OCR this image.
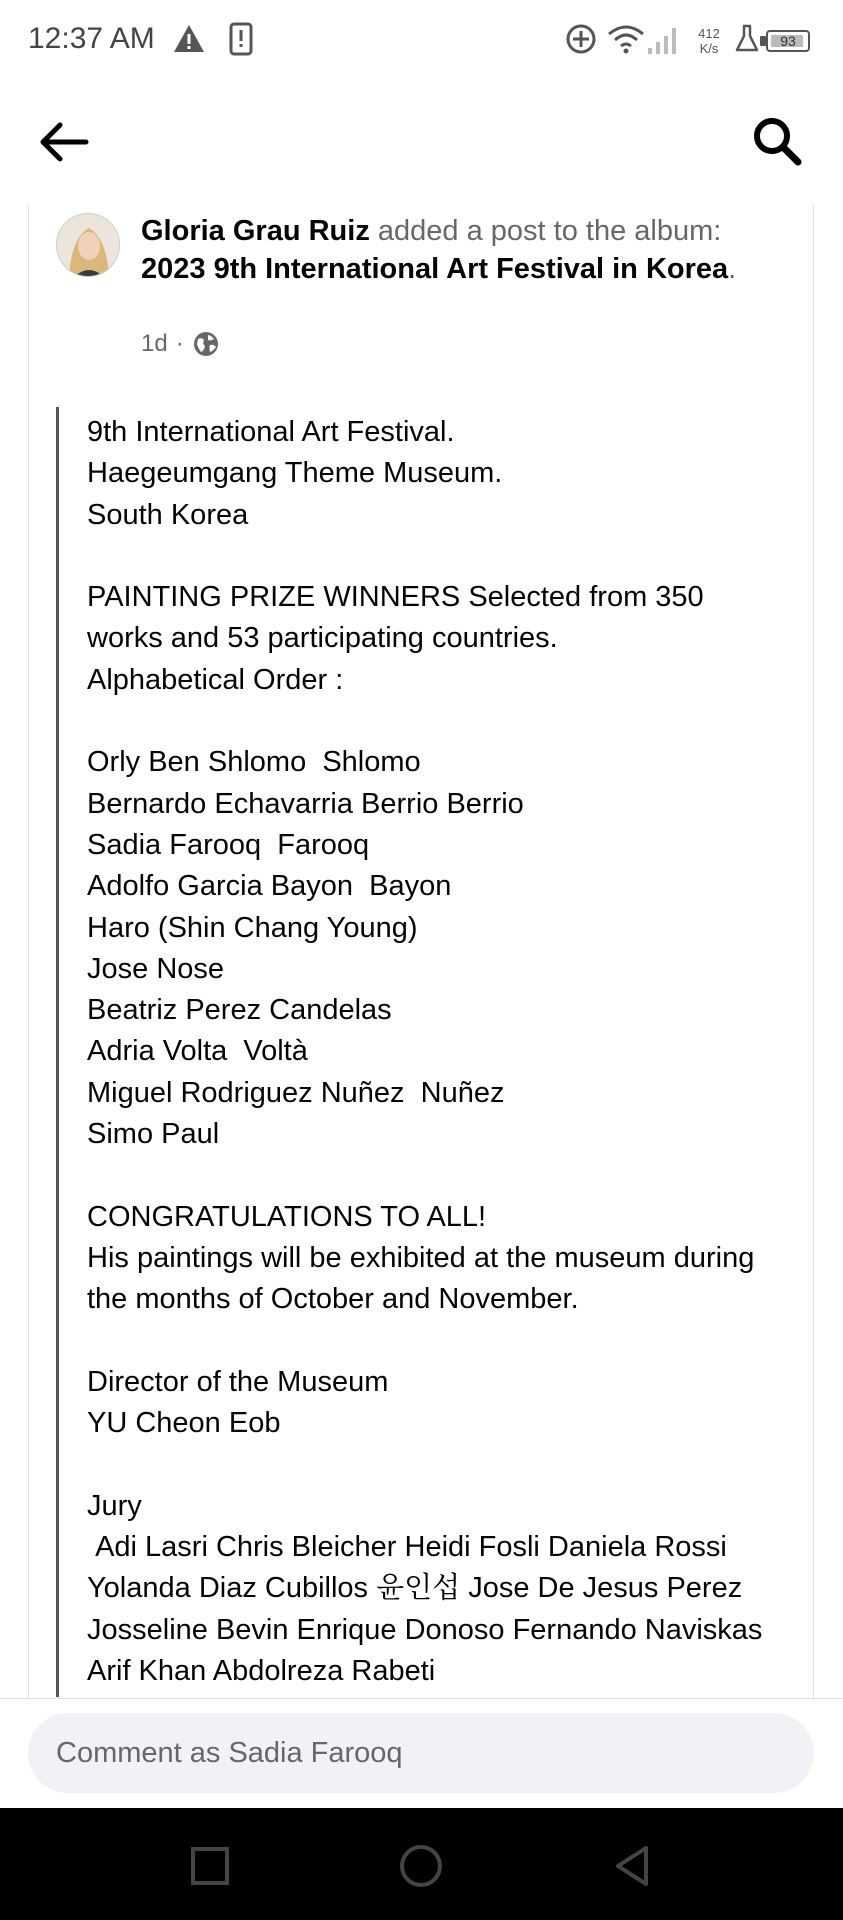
12:37 AM	412
K/s	93
Gloria Grau Ruiz added a post to the album: 2023 9th International Art Festival in Korea.
1d ·

9th International Art Festival.
Haegeumgang Theme Museum.
South Korea

PAINTING PRIZE WINNERS Selected from 350 works and 53 participating countries.
Alphabetical Order :

Orly Ben Shlomo  Shlomo
Bernardo Echavarria Berrio Berrio
Sadia Farooq  Farooq
Adolfo Garcia Bayon  Bayon
Haro (Shin Chang Young)
Jose Nose
Beatriz Perez Candelas
Adria Volta  Voltà
Miguel Rodriguez Nuñez  Nuñez
Simo Paul

CONGRATULATIONS TO ALL!
His paintings will be exhibited at the museum during the months of October and November.

Director of the Museum
YU Cheon Eob

Jury
Adi Lasri Chris Bleicher Heidi Fosli Daniela Rossi Yolanda Diaz Cubillos 윤인섭 Jose De Jesus Perez Josseline Bevin Enrique Donoso Fernando Naviskas Arif Khan Abdolreza Rabeti

Comment as Sadia Farooq
